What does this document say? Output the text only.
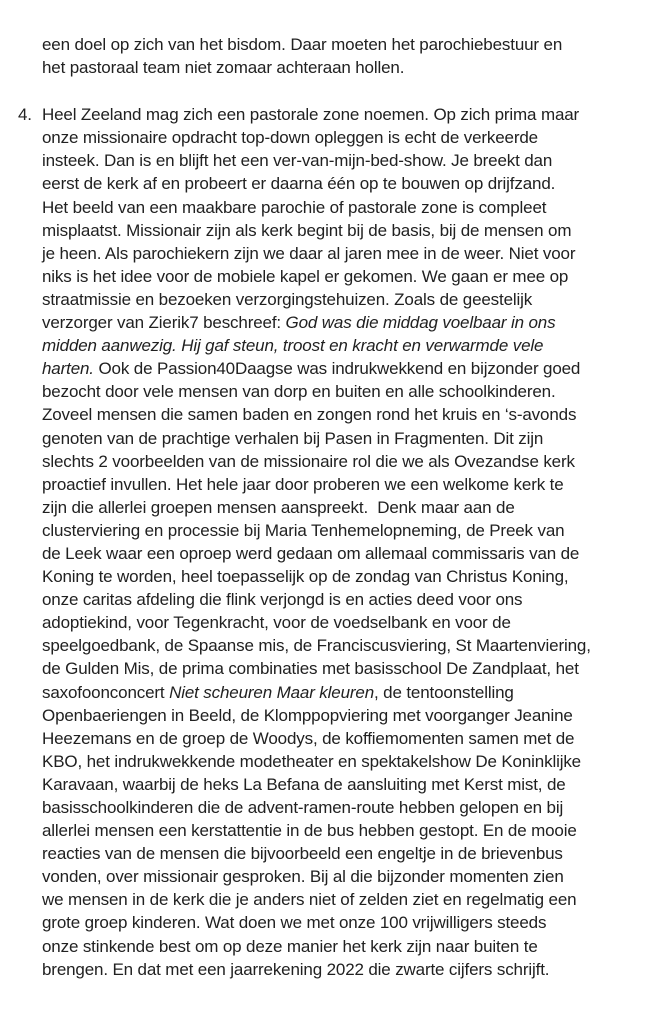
een doel op zich van het bisdom. Daar moeten het parochiebestuur en
het pastoraal team niet zomaar achteraan hollen.
4. Heel Zeeland mag zich een pastorale zone noemen. Op zich prima maar
onze missionaire opdracht top-down opleggen is echt de verkeerde
insteek. Dan is en blijft het een ver-van-mijn-bed-show. Je breekt dan
eerst de kerk af en probeert er daarna één op te bouwen op drijfzand.
Het beeld van een maakbare parochie of pastorale zone is compleet
misplaatst. Missionair zijn als kerk begint bij de basis, bij de mensen om
je heen. Als parochiekern zijn we daar al jaren mee in de weer. Niet voor
niks is het idee voor de mobiele kapel er gekomen. We gaan er mee op
straatmissie en bezoeken verzorgingstehuizen. Zoals de geestelijk
verzorger van Zierik7 beschreef: God was die middag voelbaar in ons
midden aanwezig. Hij gaf steun, troost en kracht en verwarmde vele
harten. Ook de Passion40Daagse was indrukwekkend en bijzonder goed
bezocht door vele mensen van dorp en buiten en alle schoolkinderen.
Zoveel mensen die samen baden en zongen rond het kruis en ‘s-avonds
genoten van de prachtige verhalen bij Pasen in Fragmenten. Dit zijn
slechts 2 voorbeelden van de missionaire rol die we als Ovezandse kerk
proactief invullen. Het hele jaar door proberen we een welkome kerk te
zijn die allerlei groepen mensen aanspreekt.  Denk maar aan de
clusterviering en processie bij Maria Tenhemelopneming, de Preek van
de Leek waar een oproep werd gedaan om allemaal commissaris van de
Koning te worden, heel toepasselijk op de zondag van Christus Koning,
onze caritas afdeling die flink verjongd is en acties deed voor ons
adoptiekind, voor Tegenkracht, voor de voedselbank en voor de
speelgoedbank, de Spaanse mis, de Franciscusviering, St Maartenviering,
de Gulden Mis, de prima combinaties met basisschool De Zandplaat, het
saxofoonconcert Niet scheuren Maar kleuren, de tentoonstelling
Openbaeriengen in Beeld, de Klomppopviering met voorganger Jeanine
Heezemans en de groep de Woodys, de koffiemomenten samen met de
KBO, het indrukwekkende modetheater en spektakelshow De Koninklijke
Karavaan, waarbij de heks La Befana de aansluiting met Kerst mist, de
basisschoolkinderen die de advent-ramen-route hebben gelopen en bij
allerlei mensen een kerstattentie in de bus hebben gestopt. En de mooie
reacties van de mensen die bijvoorbeeld een engeltje in de brievenbus
vonden, over missionair gesproken. Bij al die bijzonder momenten zien
we mensen in de kerk die je anders niet of zelden ziet en regelmatig een
grote groep kinderen. Wat doen we met onze 100 vrijwilligers steeds
onze stinkende best om op deze manier het kerk zijn naar buiten te
brengen. En dat met een jaarrekening 2022 die zwarte cijfers schrijft.
